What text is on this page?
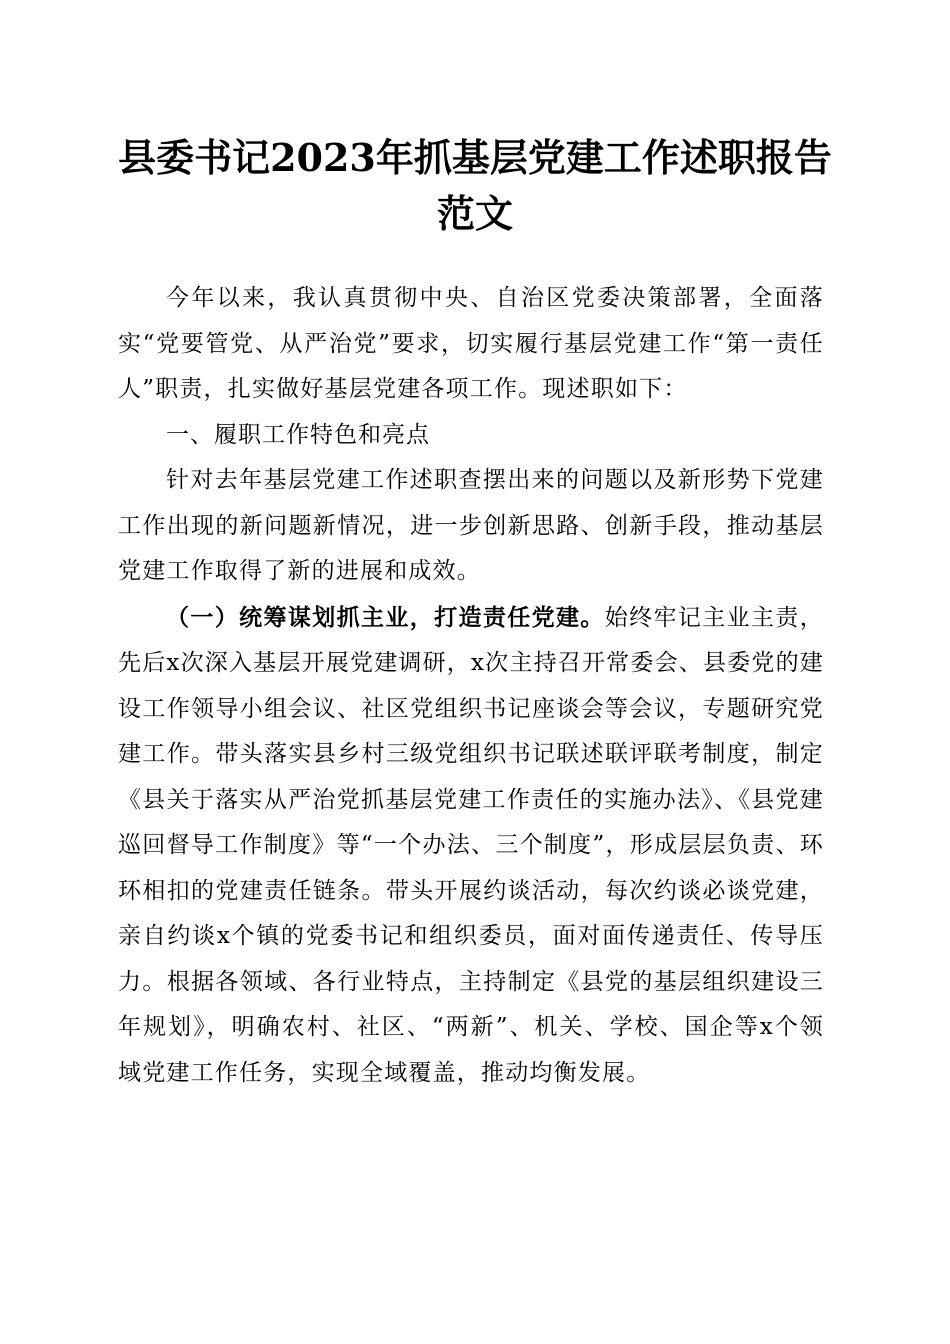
县委书记2023年抓基层党建工作述职报告范文

今年以来，我认真贯彻中央、自治区党委决策部署，全面落实“党要管党、从严治党”要求，切实履行基层党建工作“第一责任人”职责，扎实做好基层党建各项工作。现述职如下：

一、履职工作特色和亮点

针对去年基层党建工作述职查摆出来的问题以及新形势下党建工作出现的新问题新情况，进一步创新思路、创新手段，推动基层党建工作取得了新的进展和成效。

（一）统筹谋划抓主业，打造责任党建。始终牢记主业主责，先后x次深入基层开展党建调研，x次主持召开常委会、县委党的建设工作领导小组会议、社区党组织书记座谈会等会议，专题研究党建工作。带头落实县乡村三级党组织书记联述联评联考制度，制定《县关于落实从严治党抓基层党建工作责任的实施办法》、《县党建巡回督导工作制度》等“一个办法、三个制度”，形成层层负责、环环相扣的党建责任链条。带头开展约谈活动，每次约谈必谈党建，亲自约谈x个镇的党委书记和组织委员，面对面传递责任、传导压力。根据各领域、各行业特点，主持制定《县党的基层组织建设三年规划》，明确农村、社区、“两新”、机关、学校、国企等x个领域党建工作任务，实现全域覆盖，推动均衡发展。
